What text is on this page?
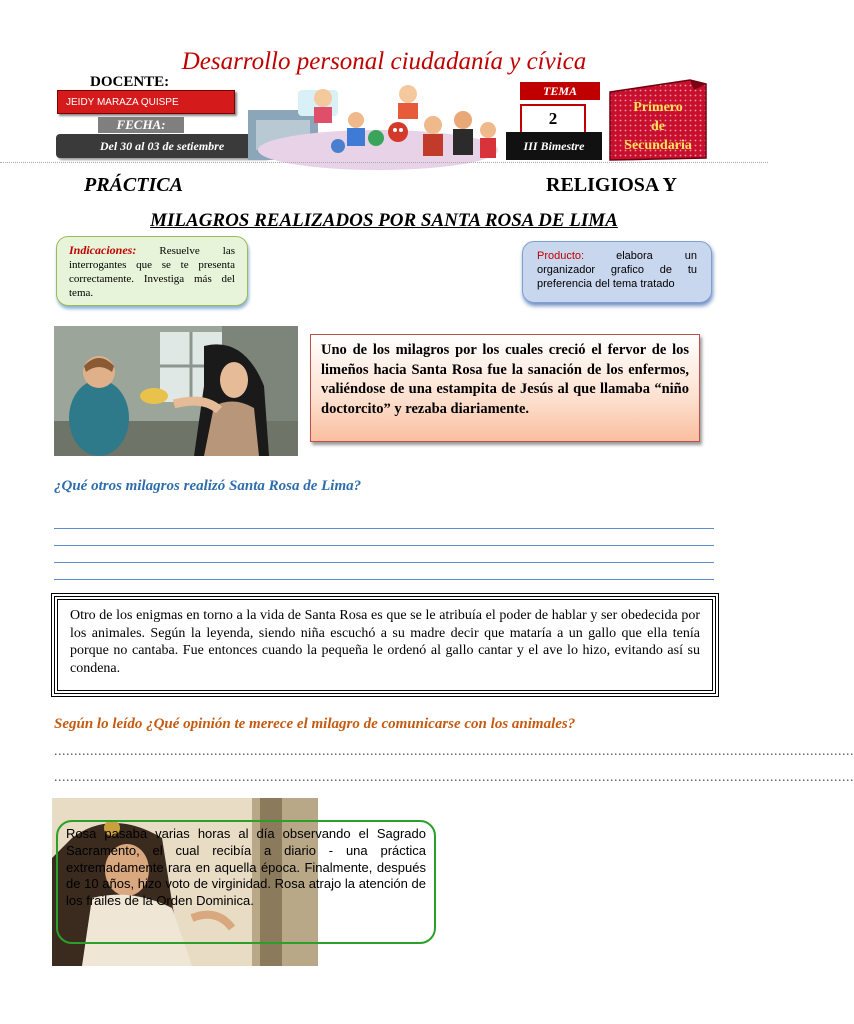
Desarrollo personal ciudadanía y cívica
DOCENTE:
JEIDY MARAZA QUISPE
FECHA:
Del 30 al 03 de setiembre
TEMA
2
III Bimestre
Primero
de
Secundaria
PRÁCTICA	RELIGIOSA Y
MILAGROS REALIZADOS POR SANTA ROSA DE LIMA
Indicaciones: Resuelve las interrogantes que se te presenta correctamente. Investiga más del tema.
Producto:	elabora un organizador grafico de tu preferencia del tema tratado
Uno de los milagros por los cuales creció el fervor de los limeños hacia Santa Rosa fue la sanación de los enfermos, valiéndose de una estampita de Jesús al que llamaba “niño doctorcito” y rezaba diariamente.
¿Qué otros milagros realizó Santa Rosa de Lima?
Otro de los enigmas en torno a la vida de Santa Rosa es que se le atribuía el poder de hablar y ser obedecida por los animales. Según la leyenda, siendo niña escuchó a su madre decir que mataría a un gallo que ella tenía porque no cantaba. Fue entonces cuando la pequeña le ordenó al gallo cantar y el ave lo hizo, evitando así su condena.
Según lo leído ¿Qué opinión te merece el milagro de comunicarse con los animales?
........................................................................................................................................................................................................
........................................................................................................................................................................................................
Rosa pasaba varias horas al día observando el Sagrado Sacramento, el cual recibía a diario - una práctica extremadamente rara en aquella época. Finalmente, después de 10 años, hizo voto de virginidad. Rosa atrajo la atención de los frailes de la Orden Dominica.
